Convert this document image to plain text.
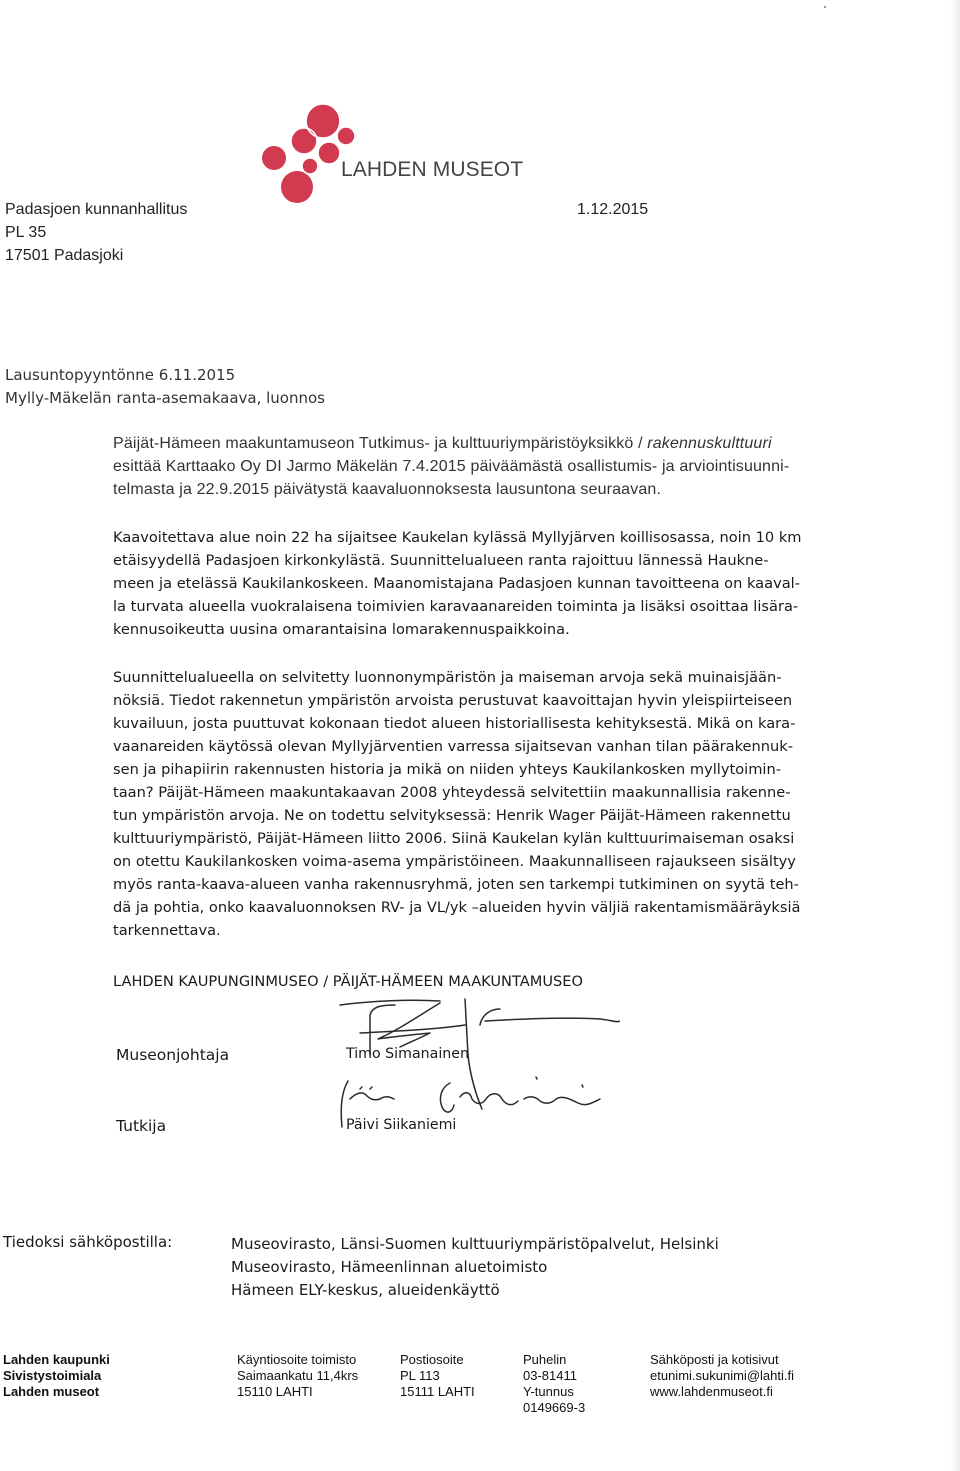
LAHDEN MUSEOT
Padasjoen kunnanhallitus
PL 35
17501 Padasjoki
1.12.2015
Lausuntopyyntönne 6.11.2015
Mylly-Mäkelän ranta-asemakaava, luonnos
Päijät-Hämeen maakuntamuseon Tutkimus- ja kulttuuriympäristöyksikkö / rakennuskulttuuri
esittää Karttaako Oy DI Jarmo Mäkelän 7.4.2015 päiväämästä osallistumis- ja arviointisuunni-
telmasta ja 22.9.2015 päivätystä kaavaluonnoksesta lausuntona seuraavan.
Kaavoitettava alue noin 22 ha sijaitsee Kaukelan kylässä Myllyjärven koillisosassa, noin 10 km
etäisyydellä Padasjoen kirkonkylästä. Suunnittelualueen ranta rajoittuu lännessä Haukne-
meen ja etelässä Kaukilankoskeen. Maanomistajana Padasjoen kunnan tavoitteena on kaaval-
la turvata alueella vuokralaisena toimivien karavaanareiden toiminta ja lisäksi osoittaa lisära-
kennusoikeutta uusina omarantaisina lomarakennuspaikkoina.
Suunnittelualueella on selvitetty luonnonympäristön ja maiseman arvoja sekä muinaisjään-
nöksiä. Tiedot rakennetun ympäristön arvoista perustuvat kaavoittajan hyvin yleispiirteiseen
kuvailuun, josta puuttuvat kokonaan tiedot alueen historiallisesta kehityksestä. Mikä on kara-
vaanareiden käytössä olevan Myllyjärventien varressa sijaitsevan vanhan tilan päärakennuk-
sen ja pihapiirin rakennusten historia ja mikä on niiden yhteys Kaukilankosken myllytoimin-
taan? Päijät-Hämeen maakuntakaavan 2008 yhteydessä selvitettiin maakunnallisia rakenne-
tun ympäristön arvoja. Ne on todettu selvityksessä: Henrik Wager Päijät-Hämeen rakennettu
kulttuuriympäristö, Päijät-Hämeen liitto 2006. Siinä Kaukelan kylän kulttuurimaiseman osaksi
on otettu Kaukilankosken voima-asema ympäristöineen. Maakunnalliseen rajaukseen sisältyy
myös ranta-kaava-alueen vanha rakennusryhmä, joten sen tarkempi tutkiminen on syytä teh-
dä ja pohtia, onko kaavaluonnoksen RV- ja VL/yk –alueiden hyvin väljiä rakentamismääräyksiä
tarkennettava.
LAHDEN KAUPUNGINMUSEO / PÄIJÄT-HÄMEEN MAAKUNTAMUSEO
Museonjohtaja	Timo Simanainen
Tutkija	Päivi Siikaniemi
Tiedoksi sähköpostilla:	Museovirasto, Länsi-Suomen kulttuuriympäristöpalvelut, Helsinki
Museovirasto, Hämeenlinnan aluetoimisto
Hämeen ELY-keskus, alueidenkäyttö
Lahden kaupunki
Sivistystoimiala
Lahden museot
Käyntiosoite toimisto
Saimaankatu 11,4krs
15110 LAHTI
Postiosoite
PL 113
15111 LAHTI
Puhelin
03-81411
Y-tunnus
0149669-3
Sähköposti ja kotisivut
etunimi.sukunimi@lahti.fi
www.lahdenmuseot.fi
